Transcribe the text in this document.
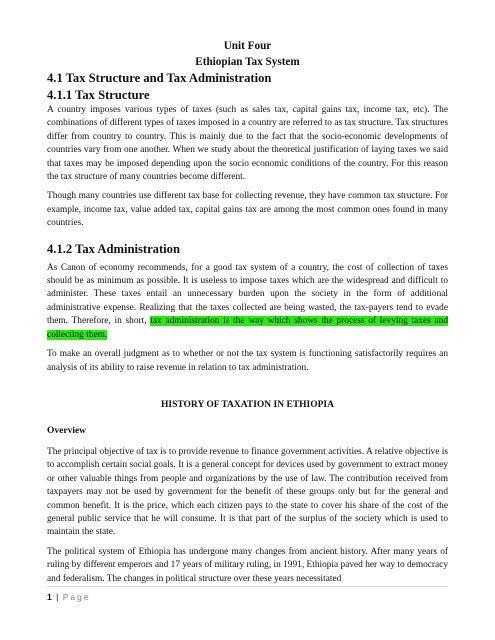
Unit Four
Ethiopian Tax System
4.1 Tax Structure and Tax Administration
4.1.1 Tax Structure

A country imposes various types of taxes (such as sales tax, capital gains tax, income tax, etc). The combinations of different types of taxes imposed in a country are referred to as tax structure. Tax structures differ from country to country. This is mainly due to the fact that the socio-economic developments of countries vary from one another. When we study about the theoretical justification of laying taxes we said that taxes may be imposed depending upon the socio economic conditions of the country. For this reason the tax structure of many countries become different.

Though many countries use different tax base for collecting revenue, they have common tax structure. For example, income tax, value added tax, capital gains tax are among the most common ones found in many countries.

4.1.2 Tax Administration

As Canon of economy recommends, for a good tax system of a country, the cost of collection of taxes should be as minimum as possible. It is useless to impose taxes which are the widespread and difficult to administer. These taxes entail an unnecessary burden upon the society in the form of additional administrative expense. Realizing that the taxes collected are being wasted, the tax-payers tend to evade them. Therefore, in short, tax administration is the way which shows the process of levying taxes and collecting them.

To make an overall judgment as to whether or not the tax system is functioning satisfactorily requires an analysis of its ability to raise revenue in relation to tax administration.

HISTORY OF TAXATION IN ETHIOPIA
Overview

The principal objective of tax is to provide revenue to finance government activities. A relative objective is to accomplish certain social goals. It is a general concept for devices used by government to extract money or other valuable things from people and organizations by the use of law. The contribution received from taxpayers may not be used by government for the benefit of these groups only but for the general and common benefit. It is the price, which each citizen pays to the state to cover his share of the cost of the general public service that he will consume. It is that part of the surplus of the society which is used to maintain the state.

The political system of Ethiopia has undergone many changes from ancient history. After many years of ruling by different emperors and 17 years of military ruling, in 1991, Ethiopia paved her way to democracy and federalism. The changes in political structure over these years necessitated

1 | Page
